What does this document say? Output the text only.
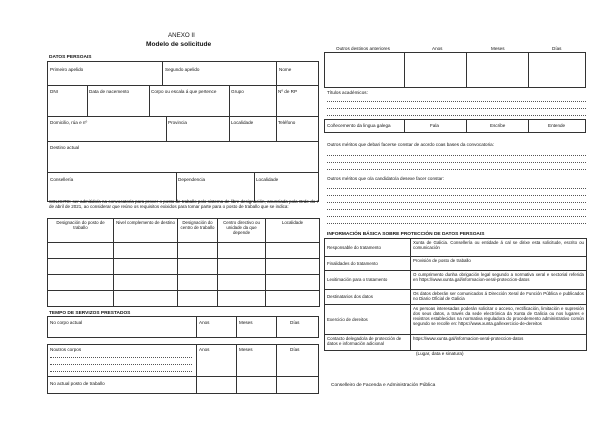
ANEXO II
Modelo de solicitude
DATOS PERSOAIS
Primeiro apelido	Segundo apelido	Nome
DNI	Data de nacemento	Corpo ou escala á que pertence	Grupo	Nº de RP
Domicilio, rúa e nº	Provincia	Localidade	Teléfono
Destino actual
Consellería	Dependencia	Localidade
SOLICITO: ser admitido/a na convocatoria para prover o posto de traballo polo sistema de libre designación, anunciada pola Orde do 7 de abril de 2021, ao considerar que reúno os requisitos exixidos para tomar parte para o posto de traballo que se indica:
Designación do posto de traballo	Nivel complemento de destino	Designación do centro de traballo	Centro directivo ou unidade da que depende	Localidade

TEMPO DE SERVIZOS PRESTADOS
No corpo actual	Anos	Meses	Días
Noutros corpos	Anos	Meses	Días
No actual posto de traballo
Outros destinos anteriores	Anos	Meses	Días
Títulos académicos:
Coñecemento da lingua galega	Fala	Escribe	Entende
Outros méritos que debari facerse constar de acordo coas bases da convocatoria:
Outros méritos que o/a candidato/a desexe facer constar:
INFORMACIÓN BÁSICA SOBRE PROTECCIÓN DE DATOS PERSOAIS
Responsable do tratamento	Xunta de Galicia. Consellería ou entidade á cal se dirixe esta solicitude, escrito ou comunicación
Finalidades do tratamento	Provisión de posto de traballo
Lexitimación para o tratamento	O cumprimento dunha obrigación legal segundo a normativa xeral e sectorial referida en https://www.xunta.gal/informacion-xeral-proteccion-datos
Destinatarios dos datos	Os datos deberán ser comunicados á Dirección Xeral de Función Pública e publicados no Diario Oficial de Galicia
Exercicio de dereitos	As persoas interesadas poderán solicitar o acceso, rectificación, limitación e supresión dos seus datos, a través da sede electrónica da Xunta de Galicia ou nos lugares e rexistros establecidos na normativa reguladora do procedemento administrativo común segundo se recolle en: https://www.xunta.gal/exercicio-de-dereitos
Contacto delegado/a de protección de datos e información adicional	https://www.xunta.gal/informacion-xeral-proteccion-datos
(Lugar, data e sinatura)
Conselleiro de Facenda e Administración Pública
